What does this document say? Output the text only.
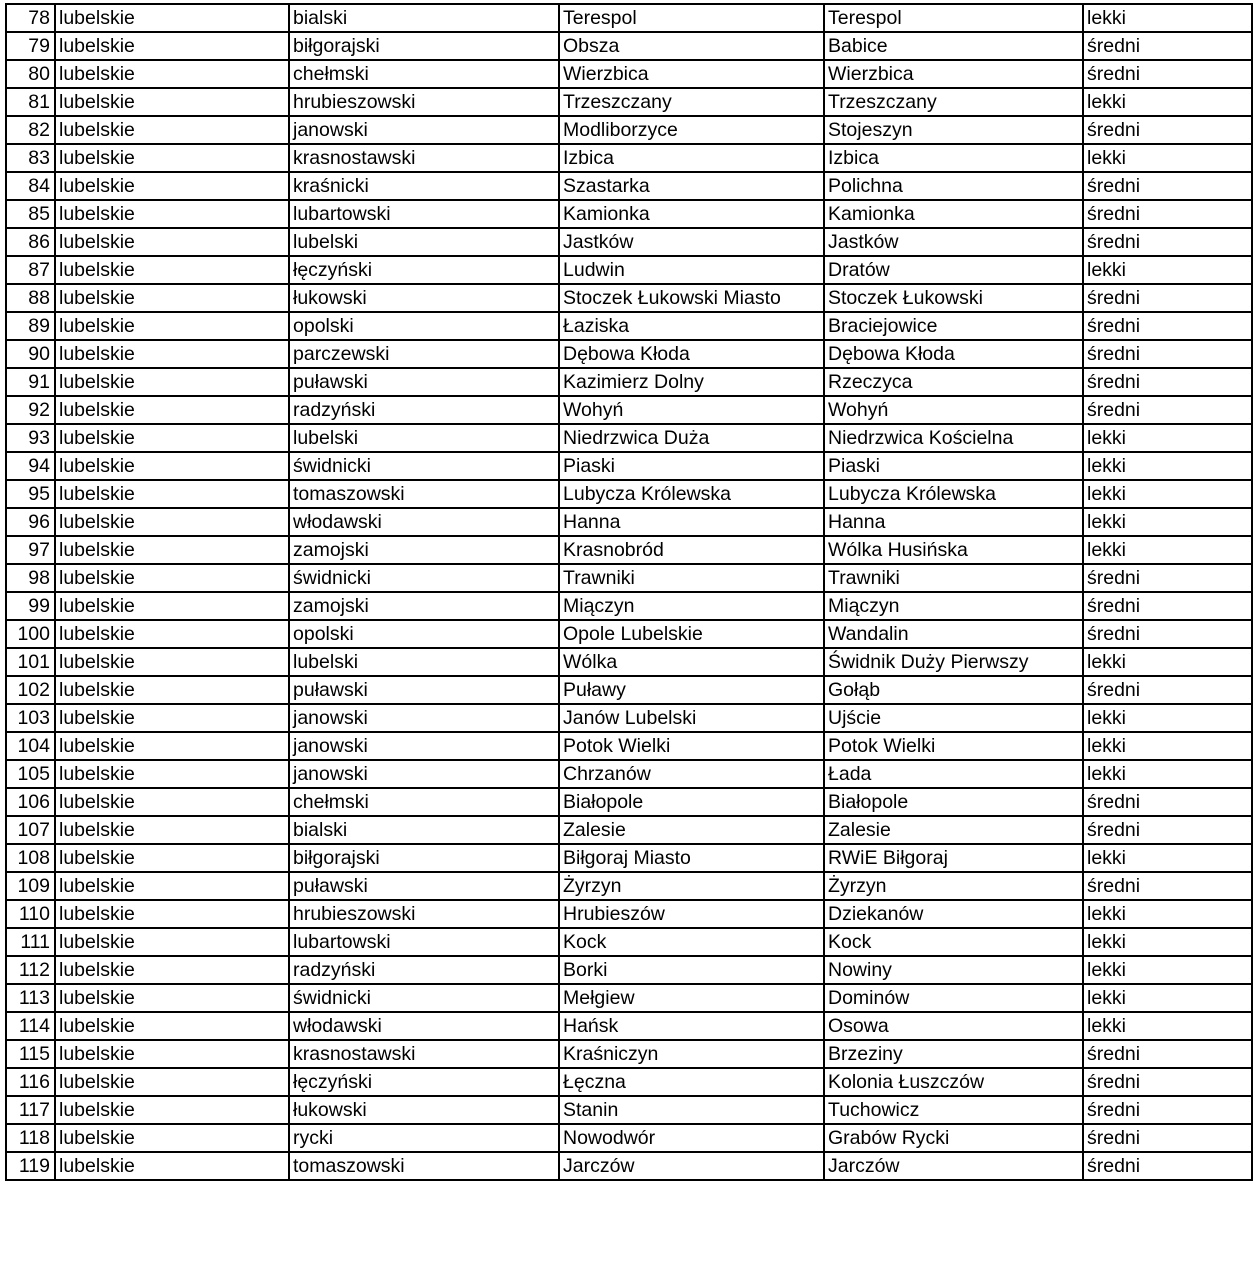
78	lubelskie	bialski	Terespol	Terespol	lekki
79	lubelskie	biłgorajski	Obsza	Babice	średni
80	lubelskie	chełmski	Wierzbica	Wierzbica	średni
81	lubelskie	hrubieszowski	Trzeszczany	Trzeszczany	lekki
82	lubelskie	janowski	Modliborzyce	Stojeszyn	średni
83	lubelskie	krasnostawski	Izbica	Izbica	lekki
84	lubelskie	kraśnicki	Szastarka	Polichna	średni
85	lubelskie	lubartowski	Kamionka	Kamionka	średni
86	lubelskie	lubelski	Jastków	Jastków	średni
87	lubelskie	łęczyński	Ludwin	Dratów	lekki
88	lubelskie	łukowski	Stoczek Łukowski Miasto	Stoczek Łukowski	średni
89	lubelskie	opolski	Łaziska	Braciejowice	średni
90	lubelskie	parczewski	Dębowa Kłoda	Dębowa Kłoda	średni
91	lubelskie	puławski	Kazimierz Dolny	Rzeczyca	średni
92	lubelskie	radzyński	Wohyń	Wohyń	średni
93	lubelskie	lubelski	Niedrzwica Duża	Niedrzwica Kościelna	lekki
94	lubelskie	świdnicki	Piaski	Piaski	lekki
95	lubelskie	tomaszowski	Lubycza Królewska	Lubycza Królewska	lekki
96	lubelskie	włodawski	Hanna	Hanna	lekki
97	lubelskie	zamojski	Krasnobród	Wólka Husińska	lekki
98	lubelskie	świdnicki	Trawniki	Trawniki	średni
99	lubelskie	zamojski	Miączyn	Miączyn	średni
100	lubelskie	opolski	Opole Lubelskie	Wandalin	średni
101	lubelskie	lubelski	Wólka	Świdnik Duży Pierwszy	lekki
102	lubelskie	puławski	Puławy	Gołąb	średni
103	lubelskie	janowski	Janów Lubelski	Ujście	lekki
104	lubelskie	janowski	Potok Wielki	Potok Wielki	lekki
105	lubelskie	janowski	Chrzanów	Łada	lekki
106	lubelskie	chełmski	Białopole	Białopole	średni
107	lubelskie	bialski	Zalesie	Zalesie	średni
108	lubelskie	biłgorajski	Biłgoraj Miasto	RWiE Biłgoraj	lekki
109	lubelskie	puławski	Żyrzyn	Żyrzyn	średni
110	lubelskie	hrubieszowski	Hrubieszów	Dziekanów	lekki
111	lubelskie	lubartowski	Kock	Kock	lekki
112	lubelskie	radzyński	Borki	Nowiny	lekki
113	lubelskie	świdnicki	Mełgiew	Dominów	lekki
114	lubelskie	włodawski	Hańsk	Osowa	lekki
115	lubelskie	krasnostawski	Kraśniczyn	Brzeziny	średni
116	lubelskie	łęczyński	Łęczna	Kolonia Łuszczów	średni
117	lubelskie	łukowski	Stanin	Tuchowicz	średni
118	lubelskie	rycki	Nowodwór	Grabów Rycki	średni
119	lubelskie	tomaszowski	Jarczów	Jarczów	średni
